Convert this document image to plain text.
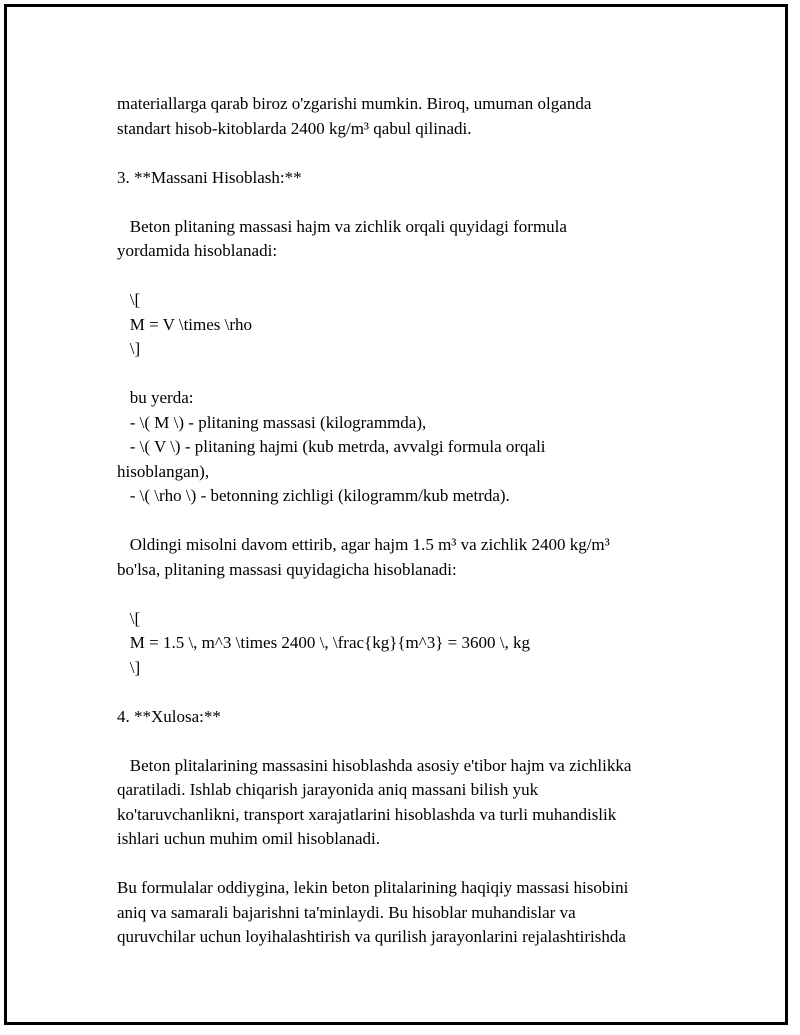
materiallarga qarab biroz o'zgarishi mumkin. Biroq, umuman olganda

standart hisob-kitoblarda 2400 kg/m³ qabul qilinadi.

3. **Massani Hisoblash:**

Beton plitaning massasi hajm va zichlik orqali quyidagi formula

yordamida hisoblanadi:

\[

M = V \times \rho

\]

bu yerda:

- \( M \) - plitaning massasi (kilogrammda),

- \( V \) - plitaning hajmi (kub metrda, avvalgi formula orqali

hisoblangan),

- \( \rho \) - betonning zichligi (kilogramm/kub metrda).

Oldingi misolni davom ettirib, agar hajm 1.5 m³ va zichlik 2400 kg/m³

bo'lsa, plitaning massasi quyidagicha hisoblanadi:

\[

M = 1.5 \, m^3 \times 2400 \, \frac{kg}{m^3} = 3600 \, kg

\]

4. **Xulosa:**

Beton plitalarining massasini hisoblashda asosiy e'tibor hajm va zichlikka

qaratiladi. Ishlab chiqarish jarayonida aniq massani bilish yuk

ko'taruvchanlikni, transport xarajatlarini hisoblashda va turli muhandislik

ishlari uchun muhim omil hisoblanadi.

Bu formulalar oddiygina, lekin beton plitalarining haqiqiy massasi hisobini

aniq va samarali bajarishni ta'minlaydi. Bu hisoblar muhandislar va

quruvchilar uchun loyihalashtirish va qurilish jarayonlarini rejalashtirishda
